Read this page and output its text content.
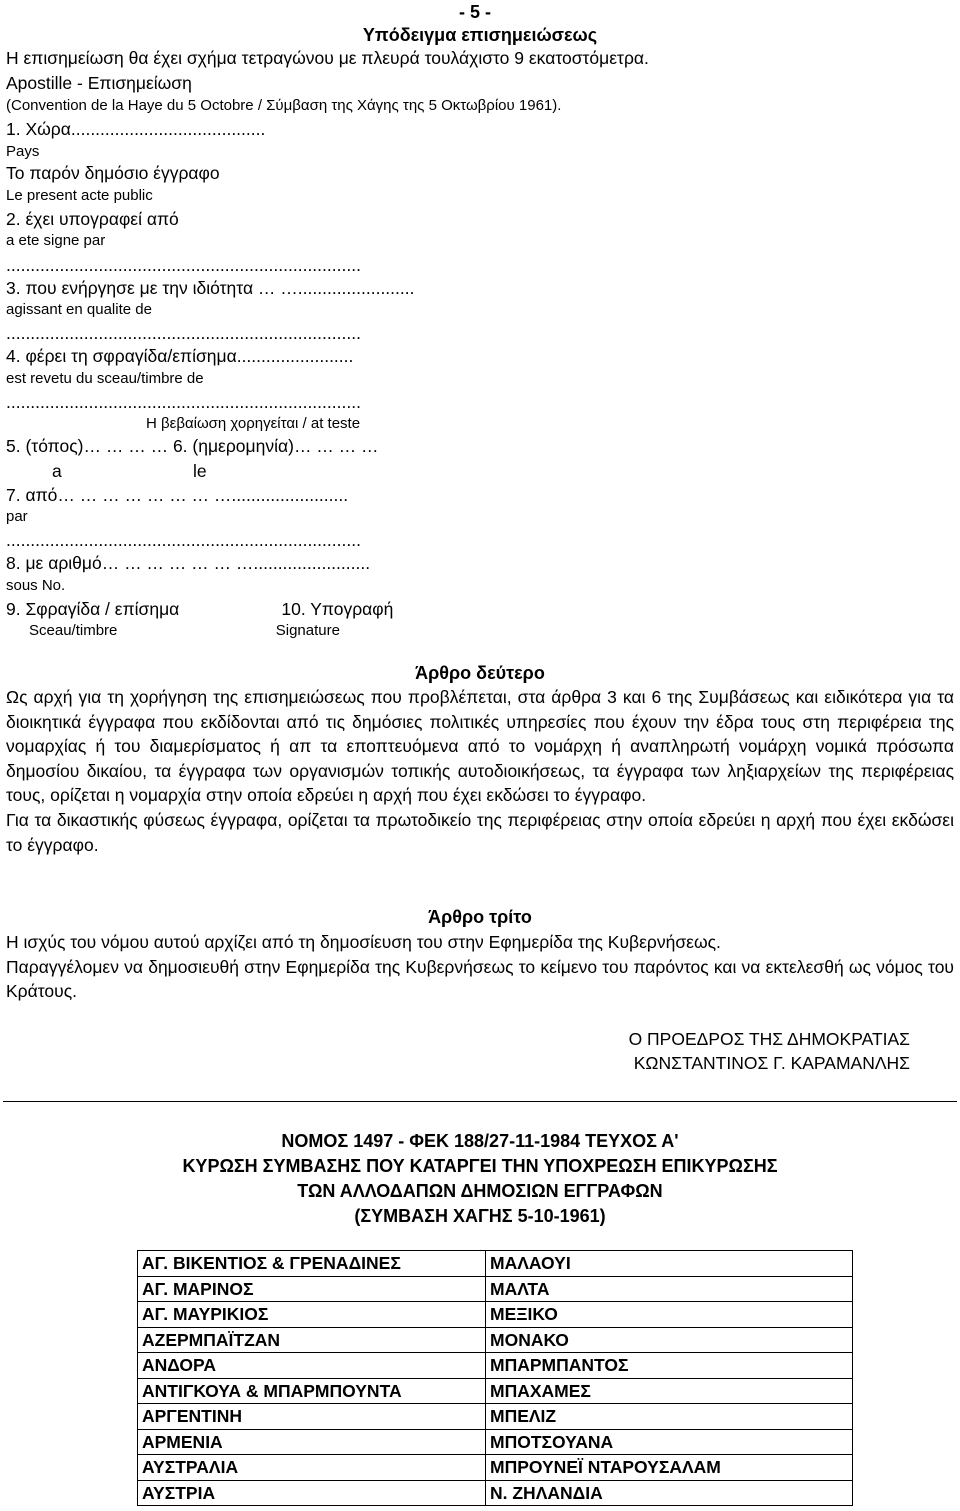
- 5 -
Υπόδειγμα επισημειώσεως
Η επισημείωση θα έχει σχήμα τετραγώνου με πλευρά τουλάχιστο 9 εκατοστόμετρα.
Apostille - Επισημείωση
(Convention de la Haye du 5 Octobre / Σύμβαση της Χάγης της 5 Οκτωβρίου 1961).
1. Χώρα........................................
Pays
Το παρόν δημόσιο έγγραφο
Le present acte public
2. έχει υπογραφεί από
a ete signe par
.........................................................................
3. που ενήργησε με την ιδιότητα … …........................
agissant en qualite de
.........................................................................
4. φέρει τη σφραγίδα/επίσημα........................
est revetu du sceau/timbre de
.........................................................................
Η βεβαίωση χορηγείται / at teste
5. (τόπος)… … … … 6. (ημερομηνία)… … … …
a                           le
7. από… … … … … … … …........................
par
.........................................................................
8. με αριθμό… … … … … … …........................
sous No.
9. Σφραγίδα / επίσημα                     10. Υπογραφή
Sceau/timbre                                      Signature
Άρθρο δεύτερο

Ως αρχή για τη χορήγηση της επισημειώσεως που προβλέπεται, στα άρθρα 3 και 6 της Συμβάσεως και ειδικότερα για τα διοικητικά έγγραφα που εκδίδονται από τις δημόσιες πολιτικές υπηρεσίες που έχουν την έδρα τους στη περιφέρεια της νομαρχίας ή του διαμερίσματος ή απ τα εποπτευόμενα από το νομάρχη ή αναπληρωτή νομάρχη νομικά πρόσωπα δημοσίου δικαίου, τα έγγραφα των οργανισμών τοπικής αυτοδιοικήσεως, τα έγγραφα των ληξιαρχείων της περιφέρειας τους, ορίζεται η νομαρχία στην οποία εδρεύει η αρχή που έχει εκδώσει το έγγραφο.

Για τα δικαστικής φύσεως έγγραφα, ορίζεται τα πρωτοδικείο της περιφέρειας στην οποία εδρεύει η αρχή που έχει εκδώσει το έγγραφο.

Άρθρο τρίτο

Η ισχύς του νόμου αυτού αρχίζει από τη δημοσίευση του στην Εφημερίδα της Κυβερνήσεως.

Παραγγέλομεν να δημοσιευθή στην Εφημερίδα της Κυβερνήσεως το κείμενο του παρόντος και να εκτελεσθή ως νόμος του Κράτους.

Ο ΠΡΟΕΔΡΟΣ ΤΗΣ ΔΗΜΟΚΡΑΤΙΑΣ
ΚΩΝΣΤΑΝΤΙΝΟΣ Γ. ΚΑΡΑΜΑΝΛΗΣ
ΝΟΜΟΣ 1497 - ΦΕΚ 188/27-11-1984 ΤΕΥΧΟΣ Α'
ΚΥΡΩΣΗ ΣΥΜΒΑΣΗΣ ΠΟΥ ΚΑΤΑΡΓΕΙ ΤΗΝ ΥΠΟΧΡΕΩΣΗ ΕΠΙΚΥΡΩΣΗΣ
ΤΩΝ ΑΛΛΟΔΑΠΩΝ ΔΗΜΟΣΙΩΝ ΕΓΓΡΑΦΩΝ
(ΣΥΜΒΑΣΗ ΧΑΓΗΣ 5-10-1961)
ΑΓ. ΒΙΚΕΝΤΙΟΣ & ΓΡΕΝΑΔΙΝΕΣ	ΜΑΛΑΟΥΙ
ΑΓ. ΜΑΡΙΝΟΣ	ΜΑΛΤΑ
ΑΓ. ΜΑΥΡΙΚΙΟΣ	ΜΕΞΙΚΟ
ΑΖΕΡΜΠΑΪΤΖΑΝ	ΜΟΝΑΚΟ
ΑΝΔΟΡΑ	ΜΠΑΡΜΠΑΝΤΟΣ
ΑΝΤΙΓΚΟΥΑ & ΜΠΑΡΜΠΟΥΝΤΑ	ΜΠΑΧΑΜΕΣ
ΑΡΓΕΝΤΙΝΗ	ΜΠΕΛΙΖ
ΑΡΜΕΝΙΑ	ΜΠΟΤΣΟΥΑΝΑ
ΑΥΣΤΡΑΛΙΑ	ΜΠΡΟΥΝΕΪ ΝΤΑΡΟΥΣΑΛΑΜ
ΑΥΣΤΡΙΑ	Ν. ΖΗΛΑΝΔΙΑ
